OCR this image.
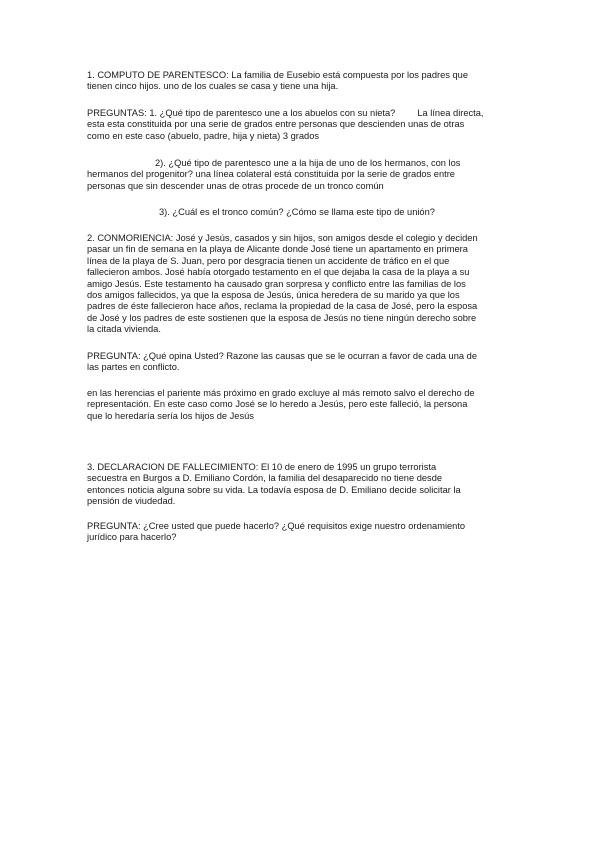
1. COMPUTO DE PARENTESCO: La familia de Eusebio está compuesta por los padres que
tienen cinco hijos. uno de los cuales se casa y tiene una hija.

PREGUNTAS: 1. ¿Qué tipo de parentesco une a los abuelos con su nieta? La línea directa,
esta esta constituida por una serie de grados entre personas que descienden unas de otras
como en este caso (abuelo, padre, hija y nieta) 3 grados

2). ¿Qué tipo de parentesco une a la hija de uno de los hermanos, con los
hermanos del progenitor? una línea colateral está constituida por la serie de grados entre
personas que sin descender unas de otras procede de un tronco común

3). ¿Cuál es el tronco común? ¿Cómo se llama este tipo de unión?

2. CONMORIENCIA: José y Jesús, casados y sin hijos, son amigos desde el colegio y deciden
pasar un fin de semana en la playa de Alicante donde José tiene un apartamento en primera
línea de la playa de S. Juan, pero por desgracia tienen un accidente de tráfico en el que
fallecieron ambos. José había otorgado testamento en el que dejaba la casa de la playa a su
amigo Jesús. Este testamento ha causado gran sorpresa y conflicto entre las familias de los
dos amigos fallecidos, ya que la esposa de Jesús, única heredera de su marido ya que los
padres de éste fallecieron hace años, reclama la propiedad de la casa de José, pero la esposa
de José y los padres de este sostienen que la esposa de Jesús no tiene ningún derecho sobre
la citada vivienda.

PREGUNTA: ¿Qué opina Usted? Razone las causas que se le ocurran a favor de cada una de
las partes en conflicto.

en las herencias el pariente más próximo en grado excluye al más remoto salvo el derecho de
representación. En este caso como José se lo heredo a Jesús, pero este falleció, la persona
que lo heredaría sería los hijos de Jesús

3. DECLARACION DE FALLECIMIENTO: El 10 de enero de 1995 un grupo terrorista
secuestra en Burgos a D. Emiliano Cordón, la familia del desaparecido no tiene desde
entonces noticia alguna sobre su vida. La todavía esposa de D. Emiliano decide solicitar la
pensión de viudedad.

PREGUNTA: ¿Cree usted que puede hacerlo? ¿Qué requisitos exige nuestro ordenamiento
jurídico para hacerlo?
